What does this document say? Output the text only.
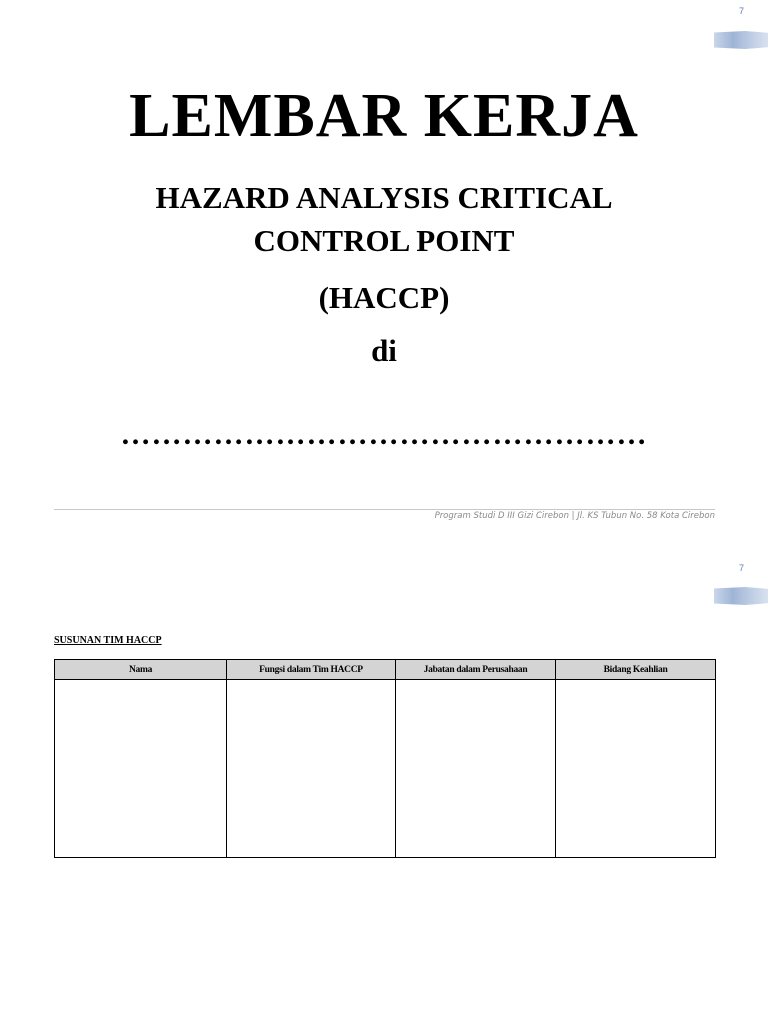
7
LEMBAR KERJA
HAZARD ANALYSIS CRITICAL
CONTROL POINT
(HACCP)
di
……………………………………………
Program Studi D III Gizi Cirebon | Jl. KS Tubun No. 58 Kota Cirebon
7
SUSUNAN TIM HACCP
Nama	Fungsi dalam Tim HACCP	Jabatan dalam Perusahaan	Bidang Keahlian
